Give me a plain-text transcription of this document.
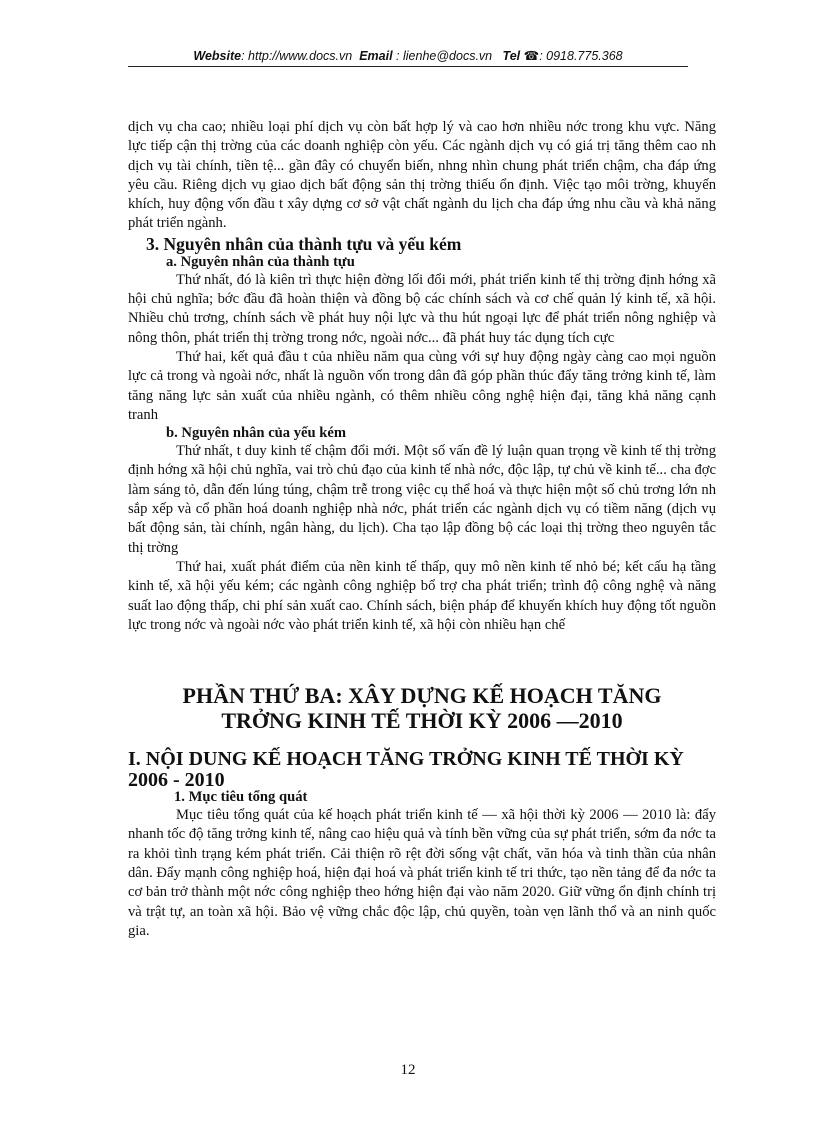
Website: http://www.docs.vn Email : lienhe@docs.vn Tel ☎: 0918.775.368

dịch vụ cha cao; nhiều loại phí dịch vụ còn bất hợp lý và cao hơn nhiều nớc trong khu vực. Năng lực tiếp cận thị trờng của các doanh nghiệp còn yếu. Các ngành dịch vụ có giá trị tăng thêm cao nh dịch vụ tài chính, tiền tệ... gần đây có chuyển biến, nhng nhìn chung phát triển chậm, cha đáp ứng yêu cầu. Riêng dịch vụ giao dịch bất động sản thị trờng thiếu ổn định. Việc tạo môi trờng, khuyến khích, huy động vốn đầu t xây dựng cơ sở vật chất ngành du lịch cha đáp ứng nhu cầu và khả năng phát triển ngành.

3. Nguyên nhân của thành tựu và yếu kém
a. Nguyên nhân của thành tựu

Thứ nhất, đó là kiên trì thực hiện đờng lối đổi mới, phát triển kinh tế thị trờng định hớng xã hội chủ nghĩa; bớc đầu đã hoàn thiện và đồng bộ các chính sách và cơ chế quản lý kinh tế, xã hội. Nhiều chủ trơng, chính sách về phát huy nội lực và thu hút ngoại lực để phát triển nông nghiệp và nông thôn, phát triển thị trờng trong nớc, ngoài nớc... đã phát huy tác dụng tích cực

Thứ hai, kết quả đầu t của nhiều năm qua cùng với sự huy động ngày càng cao mọi nguồn lực cả trong và ngoài nớc, nhất là nguồn vốn trong dân đã góp phần thúc đẩy tăng trởng kinh tế, làm tăng năng lực sản xuất của nhiều ngành, có thêm nhiều công nghệ hiện đại, tăng khả năng cạnh tranh

b. Nguyên nhân của yếu kém

Thứ nhất, t duy kinh tế chậm đổi mới. Một số vấn đề lý luận quan trọng về kinh tế thị trờng định hớng xã hội chủ nghĩa, vai trò chủ đạo của kinh tế nhà nớc, độc lập, tự chủ về kinh tế... cha đợc làm sáng tỏ, dẫn đến lúng túng, chậm trễ trong việc cụ thể hoá và thực hiện một số chủ trơng lớn nh sắp xếp và cổ phần hoá doanh nghiệp nhà nớc, phát triển các ngành dịch vụ có tiềm năng (dịch vụ bất động sản, tài chính, ngân hàng, du lịch). Cha tạo lập đồng bộ các loại thị trờng theo nguyên tắc thị trờng

Thứ hai, xuất phát điểm của nền kinh tế thấp, quy mô nền kinh tế nhỏ bé; kết cấu hạ tầng kinh tế, xã hội yếu kém; các ngành công nghiệp bổ trợ cha phát triển; trình độ công nghệ và năng suất lao động thấp, chi phí sản xuất cao. Chính sách, biện pháp để khuyến khích huy động tốt nguồn lực trong nớc và ngoài nớc vào phát triển kinh tế, xã hội còn nhiều hạn chế

PHẦN THỨ BA: XÂY DỰNG KẾ HOẠCH TĂNG
TRỞNG KINH TẾ THỜI KỲ 2006 —2010
I. NỘI DUNG KẾ HOẠCH TĂNG TRỞNG KINH TẾ THỜI KỲ 2006 - 2010
1. Mục tiêu tổng quát

Mục tiêu tổng quát của kế hoạch phát triển kinh tế — xã hội thời kỳ 2006 — 2010 là: đẩy nhanh tốc độ tăng trởng kinh tế, nâng cao hiệu quả và tính bền vững của sự phát triển, sớm đa nớc ta ra khỏi tình trạng kém phát triển. Cải thiện rõ rệt đời sống vật chất, văn hóa và tinh thần của nhân dân. Đẩy mạnh công nghiệp hoá, hiện đại hoá và phát triển kinh tế tri thức, tạo nền tảng để đa nớc ta cơ bản trở thành một nớc công nghiệp theo hớng hiện đại vào năm 2020. Giữ vững ổn định chính trị và trật tự, an toàn xã hội. Bảo vệ vững chắc độc lập, chủ quyền, toàn vẹn lãnh thổ và an ninh quốc gia.

12
